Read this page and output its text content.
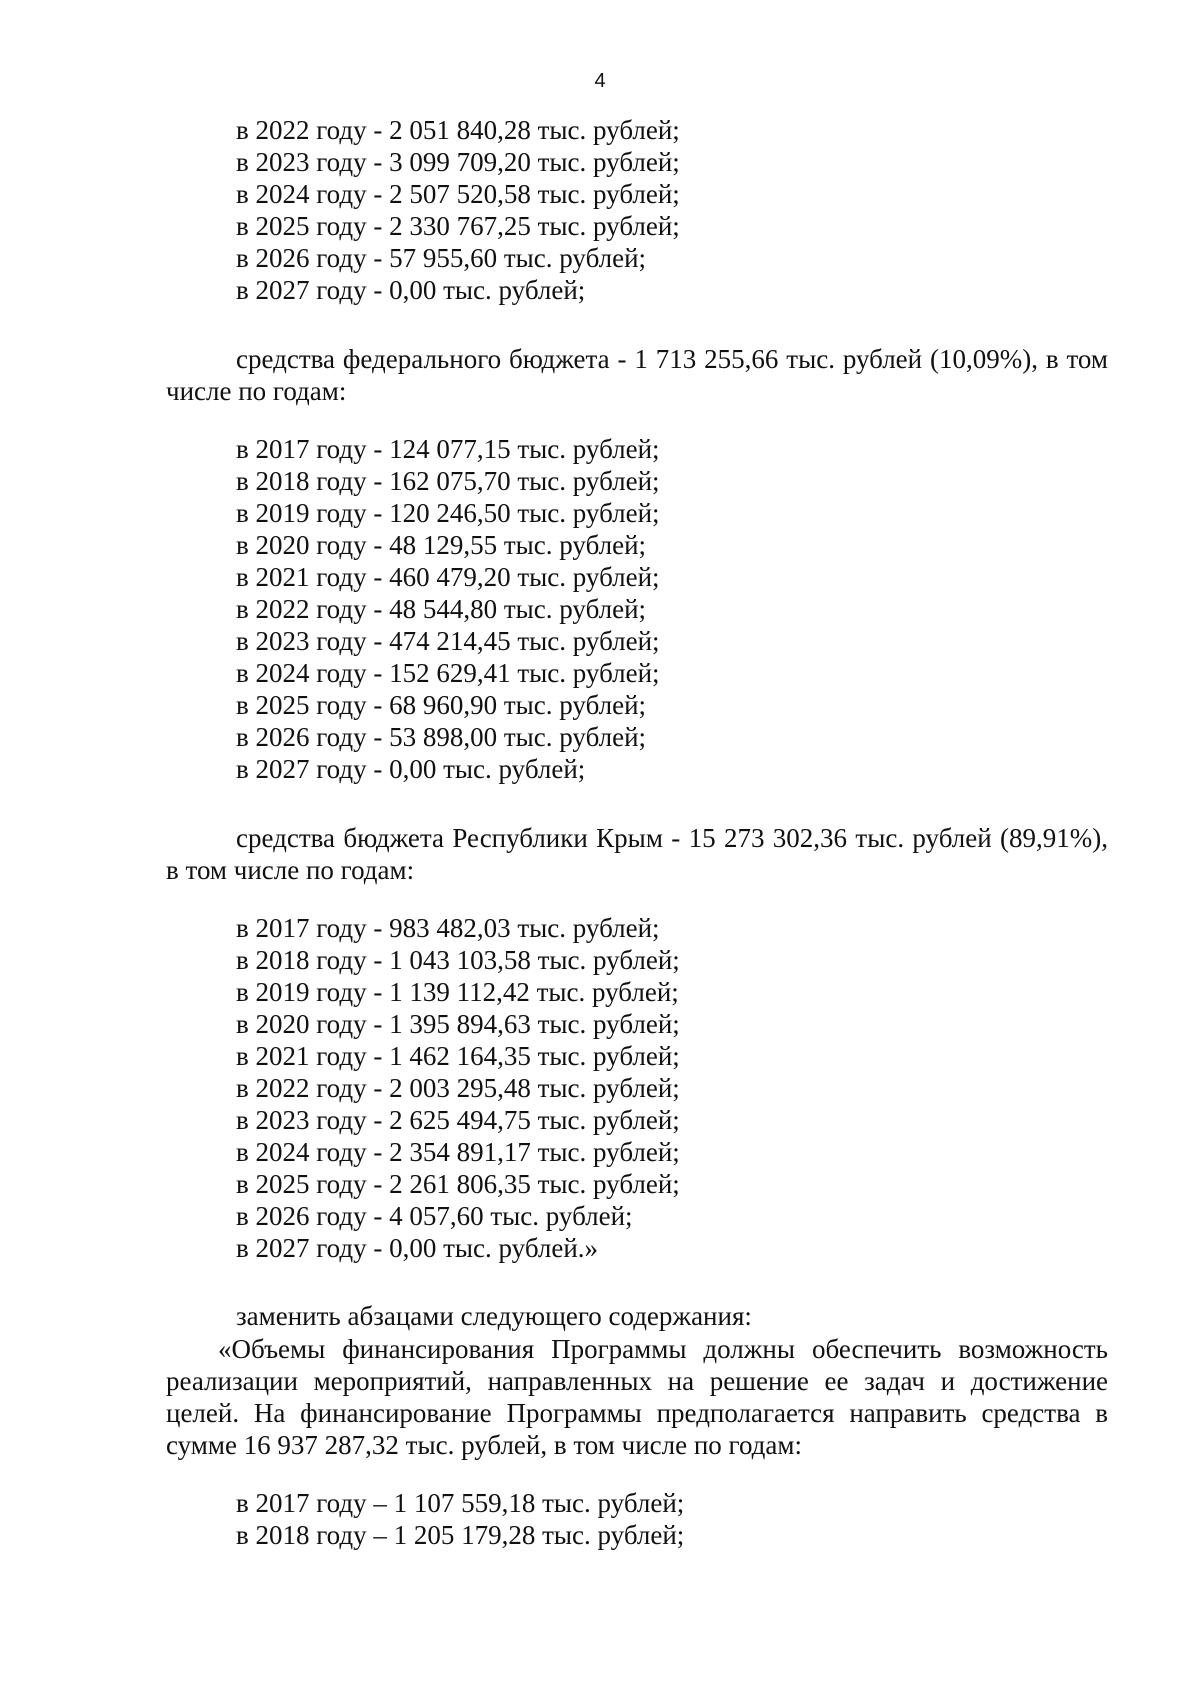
4
в 2022 году - 2 051 840,28 тыс. рублей;
в 2023 году - 3 099 709,20 тыс. рублей;
в 2024 году - 2 507 520,58 тыс. рублей;
в 2025 году - 2 330 767,25 тыс. рублей;
в 2026 году - 57 955,60 тыс. рублей;
в 2027 году - 0,00 тыс. рублей;
средства федерального бюджета - 1 713 255,66 тыс. рублей (10,09%), в том числе по годам:
в 2017 году - 124 077,15 тыс. рублей;
в 2018 году - 162 075,70 тыс. рублей;
в 2019 году - 120 246,50 тыс. рублей;
в 2020 году - 48 129,55 тыс. рублей;
в 2021 году - 460 479,20 тыс. рублей;
в 2022 году - 48 544,80 тыс. рублей;
в 2023 году - 474 214,45 тыс. рублей;
в 2024 году - 152 629,41 тыс. рублей;
в 2025 году - 68 960,90 тыс. рублей;
в 2026 году - 53 898,00 тыс. рублей;
в 2027 году - 0,00 тыс. рублей;
средства бюджета Республики Крым - 15 273 302,36 тыс. рублей (89,91%), в том числе по годам:
в 2017 году - 983 482,03 тыс. рублей;
в 2018 году - 1 043 103,58 тыс. рублей;
в 2019 году - 1 139 112,42 тыс. рублей;
в 2020 году - 1 395 894,63 тыс. рублей;
в 2021 году - 1 462 164,35 тыс. рублей;
в 2022 году - 2 003 295,48 тыс. рублей;
в 2023 году - 2 625 494,75 тыс. рублей;
в 2024 году - 2 354 891,17 тыс. рублей;
в 2025 году - 2 261 806,35 тыс. рублей;
в 2026 году - 4 057,60 тыс. рублей;
в 2027 году - 0,00 тыс. рублей.»
заменить абзацами следующего содержания:
«Объемы финансирования Программы должны обеспечить возможность реализации мероприятий, направленных на решение ее задач и достижение целей. На финансирование Программы предполагается направить средства в сумме 16 937 287,32 тыс. рублей, в том числе по годам:
в 2017 году – 1 107 559,18 тыс. рублей;
в 2018 году – 1 205 179,28 тыс. рублей;
